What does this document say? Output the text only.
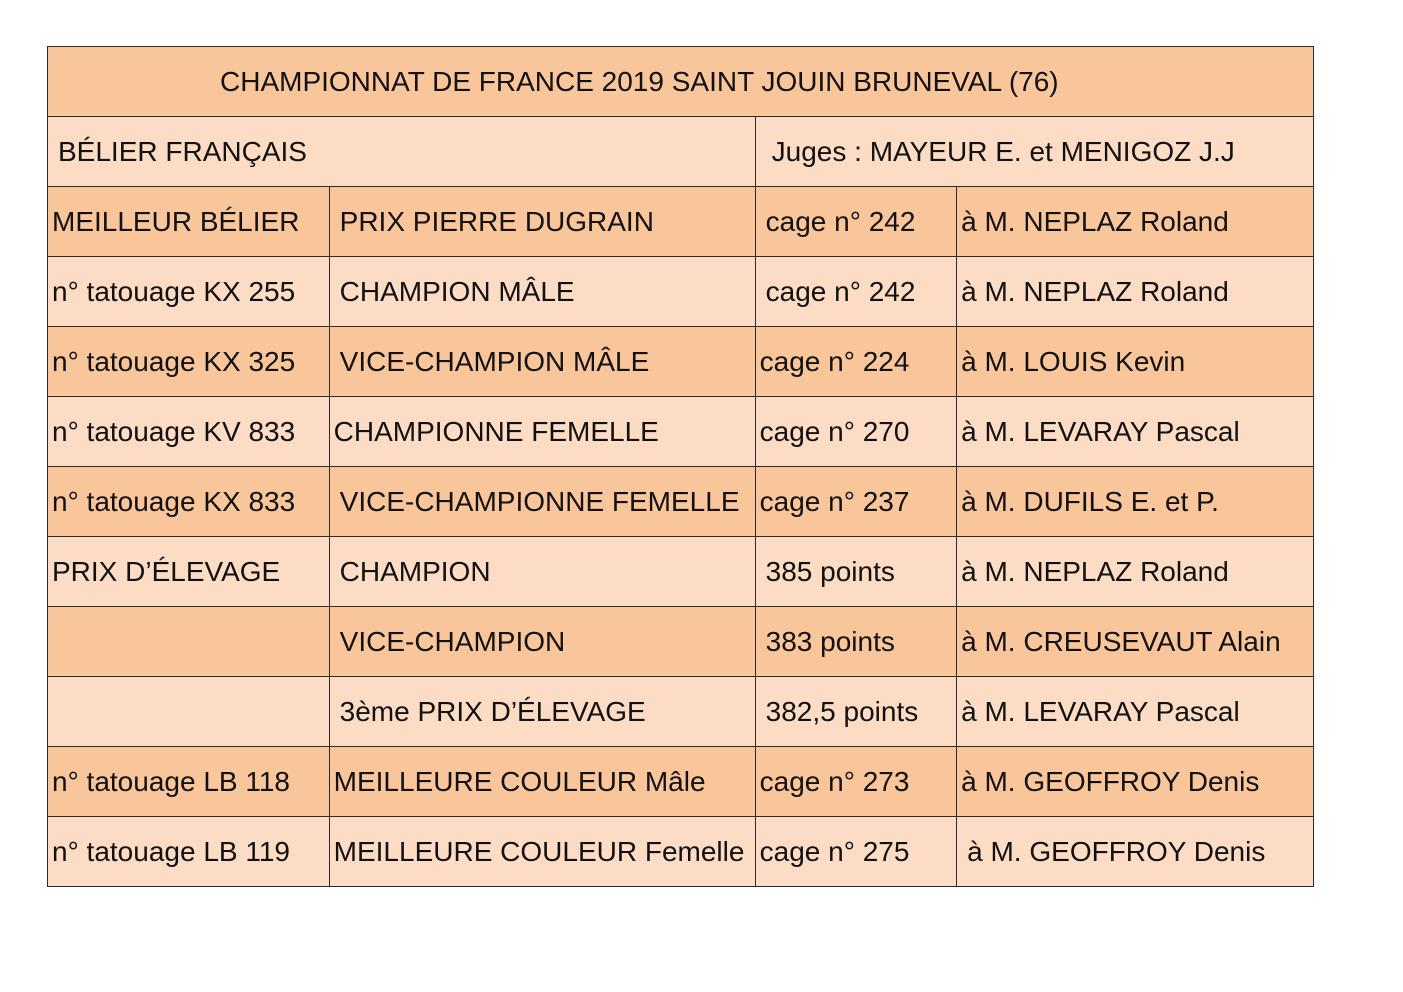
CHAMPIONNAT DE FRANCE 2019 SAINT JOUIN BRUNEVAL (76)			
BÉLIER FRANÇAIS		Juges : MAYEUR E. et MENIGOZ J.J	
MEILLEUR BÉLIER	PRIX PIERRE DUGRAIN	cage n° 242	à M. NEPLAZ Roland
n° tatouage KX 255	CHAMPION MÂLE	cage n° 242	à M. NEPLAZ Roland
n° tatouage KX 325	VICE-CHAMPION MÂLE	cage n° 224	à M. LOUIS Kevin
n° tatouage KV 833	CHAMPIONNE FEMELLE	cage n° 270	à M. LEVARAY Pascal
n° tatouage KX 833	VICE-CHAMPIONNE FEMELLE	cage n° 237	à M. DUFILS E. et P.
PRIX D’ÉLEVAGE	CHAMPION	385 points	à M. NEPLAZ Roland
	VICE-CHAMPION	383 points	à M. CREUSEVAUT Alain
	3ème PRIX D’ÉLEVAGE	382,5 points	à M. LEVARAY Pascal
n° tatouage LB 118	MEILLEURE COULEUR Mâle	cage n° 273	à M. GEOFFROY Denis
n° tatouage LB 119	MEILLEURE COULEUR Femelle	cage n° 275	à M. GEOFFROY Denis
